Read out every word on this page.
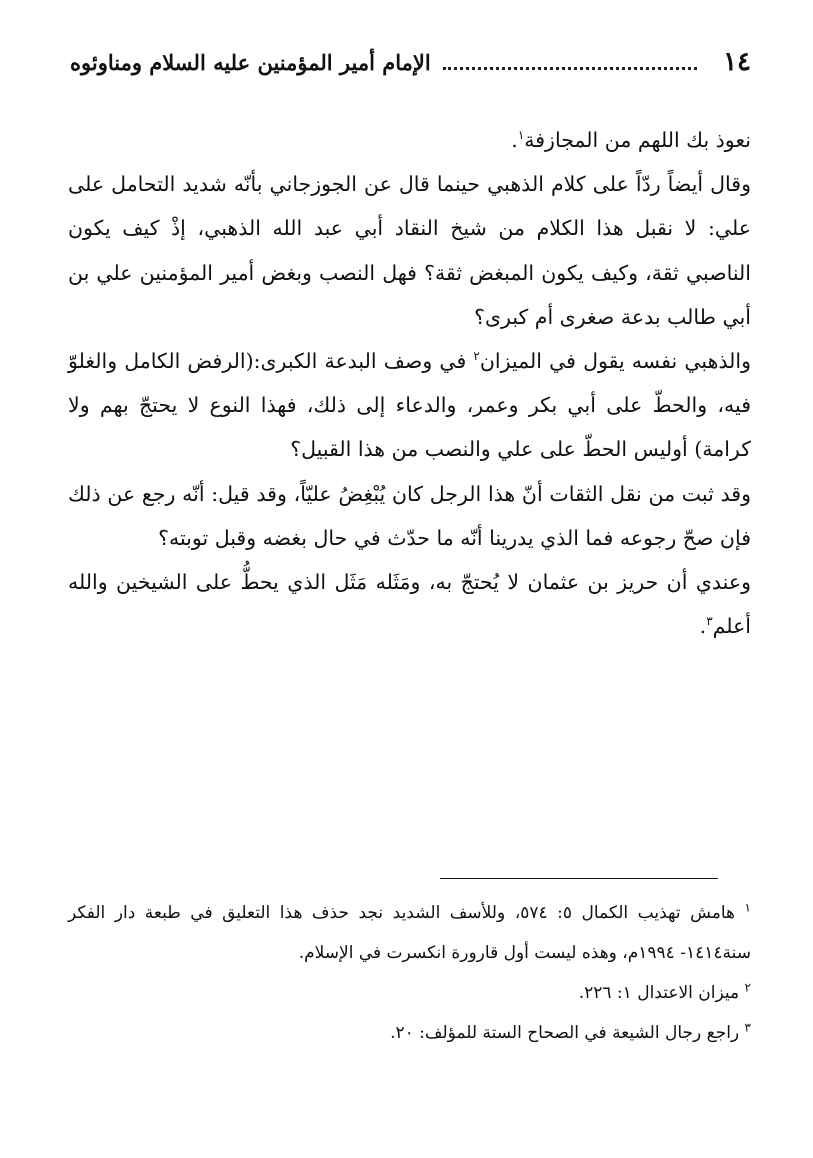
١٤
الإمام أمير المؤمنين عليه السلام ومناوئوه

نعوذ بك اللهم من المجازفة$^١$.

وقال أيضاً ردّاً على كلام الذهبي حينما قال عن الجوزجاني بأنّه شديد التحامل على علي: لا نقبل هذا الكلام من شيخ النقاد أبي عبد الله الذهبي، إذْ كيف يكون الناصبي ثقة، وكيف يكون المبغض ثقة؟ فهل النصب وبغض أمير المؤمنين علي بن أبي طالب بدعة صغرى أم كبرى؟

والذهبي نفسه يقول في الميزان$^٢$ في وصف البدعة الكبرى:(الرفض الكامل والغلوّ فيه، والحطّ على أبي بكر وعمر، والدعاء إلى ذلك، فهذا النوع لا يحتجّ بهم ولا كرامة) أوليس الحطّ على علي والنصب من هذا القبيل؟

وقد ثبت من نقل الثقات أنّ هذا الرجل كان يُبْغِضُ عليّاً، وقد قيل: أنّه رجع عن ذلك فإن صحّ رجوعه فما الذي يدرينا أنّه ما حدّث في حال بغضه وقبل توبته؟

وعندي أن حريز بن عثمان لا يُحتجّ به، ومَثَله مَثَل الذي يحطُّ على الشيخين والله أعلم$^٣$.

$^١$ هامش تهذيب الكمال ٥: ٥٧٤، وللأسف الشديد نجد حذف هذا التعليق في طبعة دار الفكر سنة١٤١٤- ١٩٩٤م، وهذه ليست أول قارورة انكسرت في الإسلام.

$^٢$ ميزان الاعتدال ١: ٢٢٦.

$^٣$ راجع رجال الشيعة في الصحاح الستة للمؤلف: ٢٠.
